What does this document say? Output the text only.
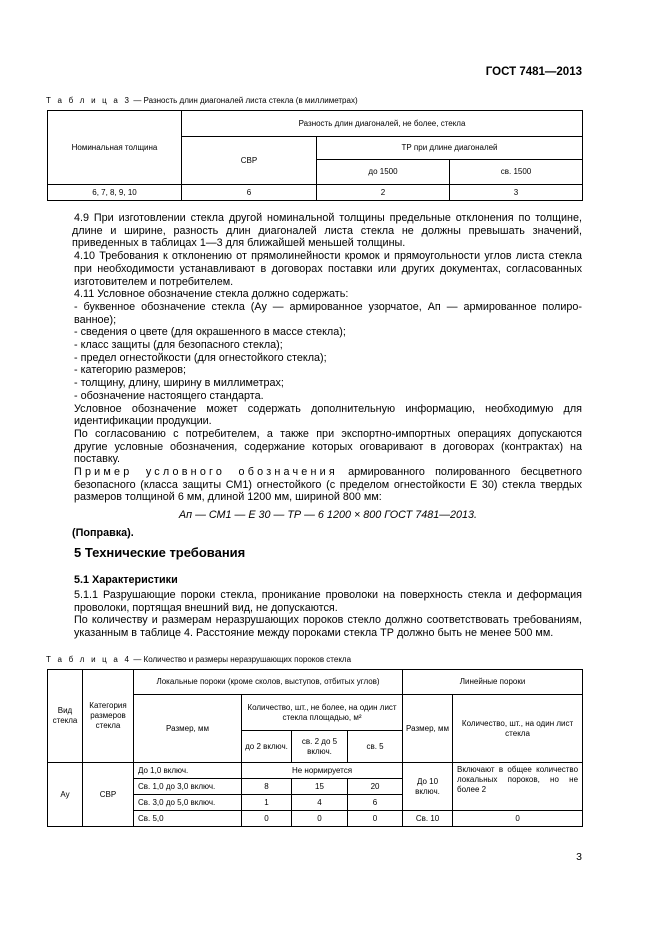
ГОСТ 7481—2013
Т а б л и ц а 3 — Разность длин диагоналей листа стекла (в миллиметрах)
Номинальная толщина	Разность длин диагоналей, не более, стекла		
	СВР	ТР при длине диагоналей	
		до 1500	св. 1500
6, 7, 8, 9, 10	6	2	3

4.9 При изготовлении стекла другой номинальной толщины предельные отклонения по толщине,

длине и ширине, разность длин диагоналей листа стекла не должны превышать значений, приведенных в таблицах 1—3 для ближайшей меньшей толщины.

4.10 Требования к отклонению от прямолинейности кромок и прямоугольности углов листа стекла

при необходимости устанавливают в договорах поставки или других документах, согласованных изготовителем и потребителем.

4.11 Условное обозначение стекла должно содержать:

- буквенное обозначение стекла (Ау — армированное узорчатое, Ап — армированное полиро-ванное);

- сведения о цвете (для окрашенного в массе стекла);

- класс защиты (для безопасного стекла);

- предел огнестойкости (для огнестойкого стекла);

- категорию размеров;

- толщину, длину, ширину в миллиметрах;

- обозначение настоящего стандарта.

Условное обозначение может содержать дополнительную информацию, необходимую для

идентификации продукции.

По согласованию с потребителем, а также при экспортно-импортных операциях допускаются

другие условные обозначения, содержание которых оговаривают в договорах (контрактах) на поставку.

Пример условного обозначения армированного полированного бесцветного

безопасного (класса защиты СМ1) огнестойкого (с пределом огнестойкости Е 30) стекла твердых размеров толщиной 6 мм, длиной 1200 мм, шириной 800 мм:

Ап — СМ1 — Е 30 — ТР — 6 1200 × 800 ГОСТ 7481—2013.

(Поправка).

5 Технические требования
5.1 Характеристики

5.1.1 Разрушающие пороки стекла, проникание проволоки на поверхность стекла и деформация

проволоки, портящая внешний вид, не допускаются.

По количеству и размерам неразрушающих пороков стекло должно соответствовать требованиям,

указанным в таблице 4. Расстояние между пороками стекла ТР должно быть не менее 500 мм.

Т а б л и ц а 4 — Количество и размеры неразрушающих пороков стекла
Вид стекла	Категория размеров стекла	Локальные пороки (кроме сколов, выступов, отбитых углов)				Линейные пороки	
		Размер, мм	Количество, шт., не более, на один лист стекла площадью, м²			Размер, мм	Количество, шт., на один лист стекла
			до 2 включ.	св. 2 до 5 включ.	св. 5		
Ау	СВР	До 1,0 включ.	Не нормируется			До 10 включ.	Включают в общее количество локальных пороков, но не более 2
		Св. 1,0 до 3,0 включ.	8	15	20		
		Св. 3,0 до 5,0 включ.	1	4	6		
		Св. 5,0	0	0	0	Св. 10	0
3
